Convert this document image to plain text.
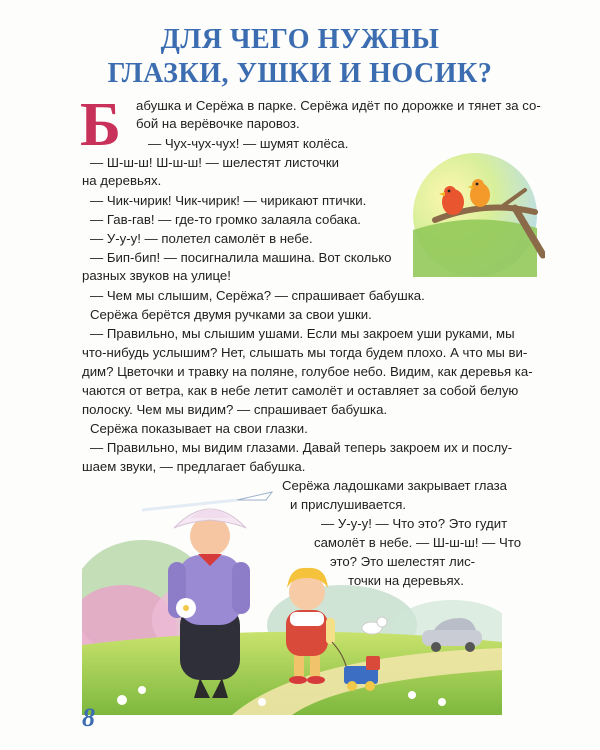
ДЛЯ ЧЕГО НУЖНЫ
ГЛАЗКИ, УШКИ И НОСИК?
Б абушка и Серёжа в парке. Серёжа идёт по дорожке и тянет за со-
бой на верёвочке паровоз.
— Чух-чух-чух! — шумят колёса.
— Ш-ш-ш! Ш-ш-ш! — шелестят листочки
на деревьях.
— Чик-чирик! Чик-чирик! — чирикают птички.
— Гав-гав! — где-то громко залаяла собака.
— У-у-у! — полетел самолёт в небе.
— Бип-бип! — посигналила машина. Вот сколько
разных звуков на улице!
— Чем мы слышим, Серёжа? — спрашивает бабушка.
Серёжа берётся двумя ручками за свои ушки.
— Правильно, мы слышим ушами. Если мы закроем уши руками, мы
что-нибудь услышим? Нет, слышать мы тогда будем плохо. А что мы ви-
дим? Цветочки и травку на поляне, голубое небо. Видим, как деревья ка-
чаются от ветра, как в небе летит самолёт и оставляет за собой белую
полоску. Чем мы видим? — спрашивает бабушка.
Серёжа показывает на свои глазки.
— Правильно, мы видим глазами. Давай теперь закроем их и послу-
шаем звуки, — предлагает бабушка.
Серёжа ладошками закрывает глаза
и прислушивается.
— У-у-у! — Что это? Это гудит
самолёт в небе. — Ш-ш-ш! — Что
это? Это шелестят лис-
точки на деревьях.
8
